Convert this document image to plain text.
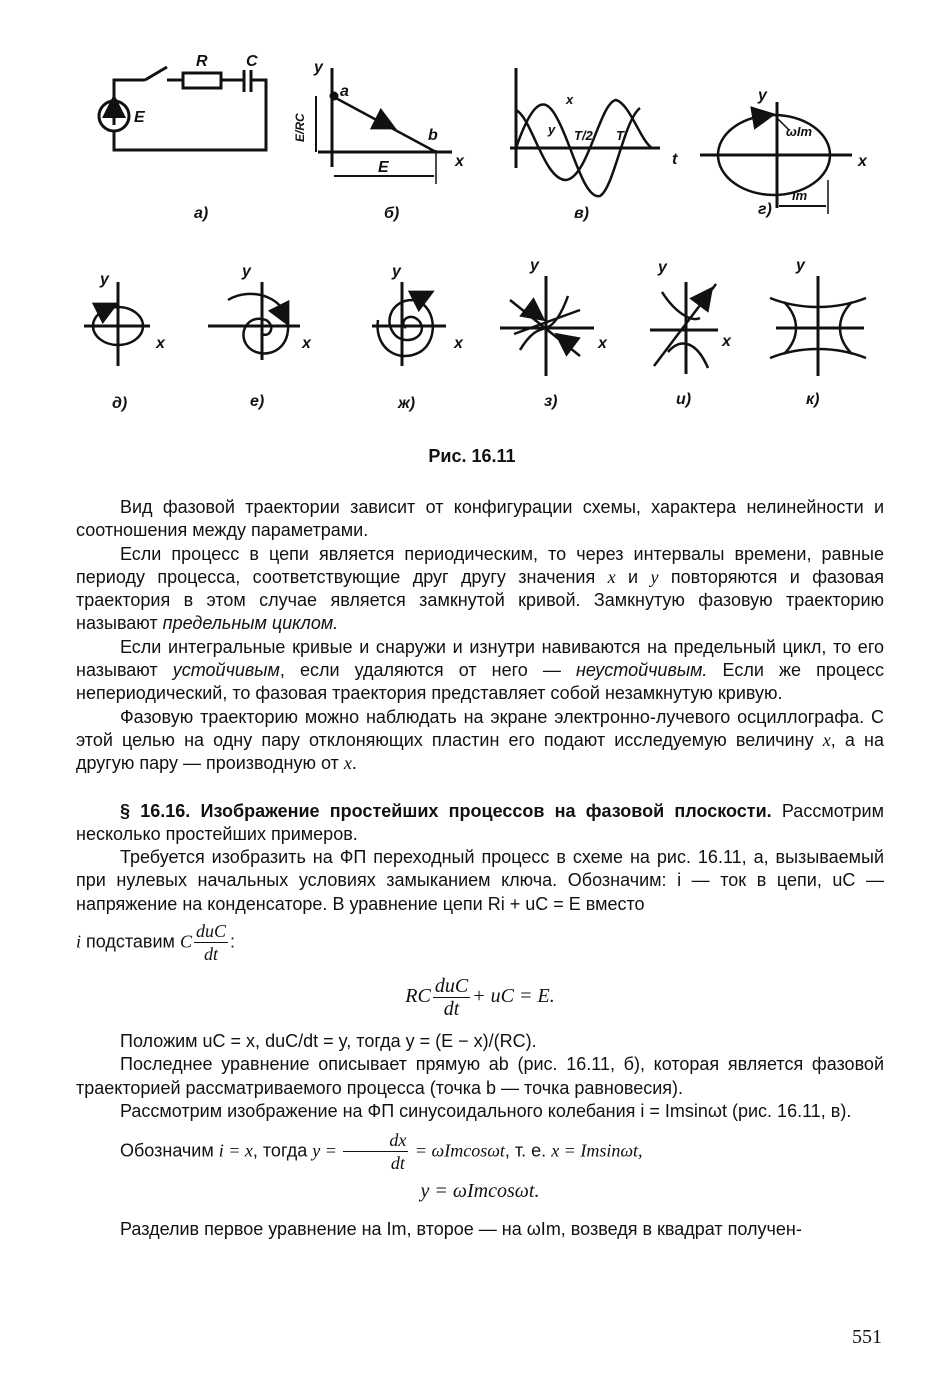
R C
E
y
a
b
x
E/RC
E
x
y T/2 T
t
y
x
ωIm
Im
y
x
y
x
y
x
y
x
y
x
y
а)	б)	в)	г)
д)	е)	ж)	з)	и)	к)
Рис. 16.11

Вид фазовой траектории зависит от конфигурации схемы, характера нелинейности и соотношения между параметрами.

Если процесс в цепи является периодическим, то через интервалы времени, равные периоду процесса, соответствующие друг другу значения x и y повторяются и фазовая траектория в этом случае является замкнутой кривой. Замкнутую фазовую траекторию называют предельным циклом.

Если интегральные кривые и снаружи и изнутри навиваются на предельный цикл, то его называют устойчивым, если удаляются от него — неустойчивым. Если же процесс непериодический, то фазовая траектория представляет собой незамкнутую кривую.

Фазовую траекторию можно наблюдать на экране электронно-лучевого осциллографа. С этой целью на одну пару отклоняющих пластин его подают исследуемую величину x, а на другую пару — производную от x.

§ 16.16. Изображение простейших процессов на фазовой плоскости. Рассмотрим несколько простейших примеров.

Требуется изобразить на ФП переходный процесс в схеме на рис. 16.11, а, вызываемый при нулевых начальных условиях замыканием ключа. Обозначим: i — ток в цепи, uC — напряжение на конденсаторе. В уравнение цепи Ri + uC = E вместо

i подставим C $\frac{\text{duC}}{dt}$ :

RC $\frac{\text{duC}}{dt}$ + uC = E.

Положим uC = x, duC/dt = y, тогда y = (E − x)/(RC).

Последнее уравнение описывает прямую ab (рис. 16.11, б), которая является фазовой траекторией рассматриваемого процесса (точка b — точка равновесия).

Рассмотрим изображение на ФП синусоидального колебания i = Imsinωt (рис. 16.11, в).

Обозначим i = x, тогда $y = \frac{dx}{dt} = \omega Imcos\omega t$, т. е. x = Imsinωt,

y = ωImcosωt.

Разделив первое уравнение на Im, второе — на ωIm, возведя в квадрат получен-

551
